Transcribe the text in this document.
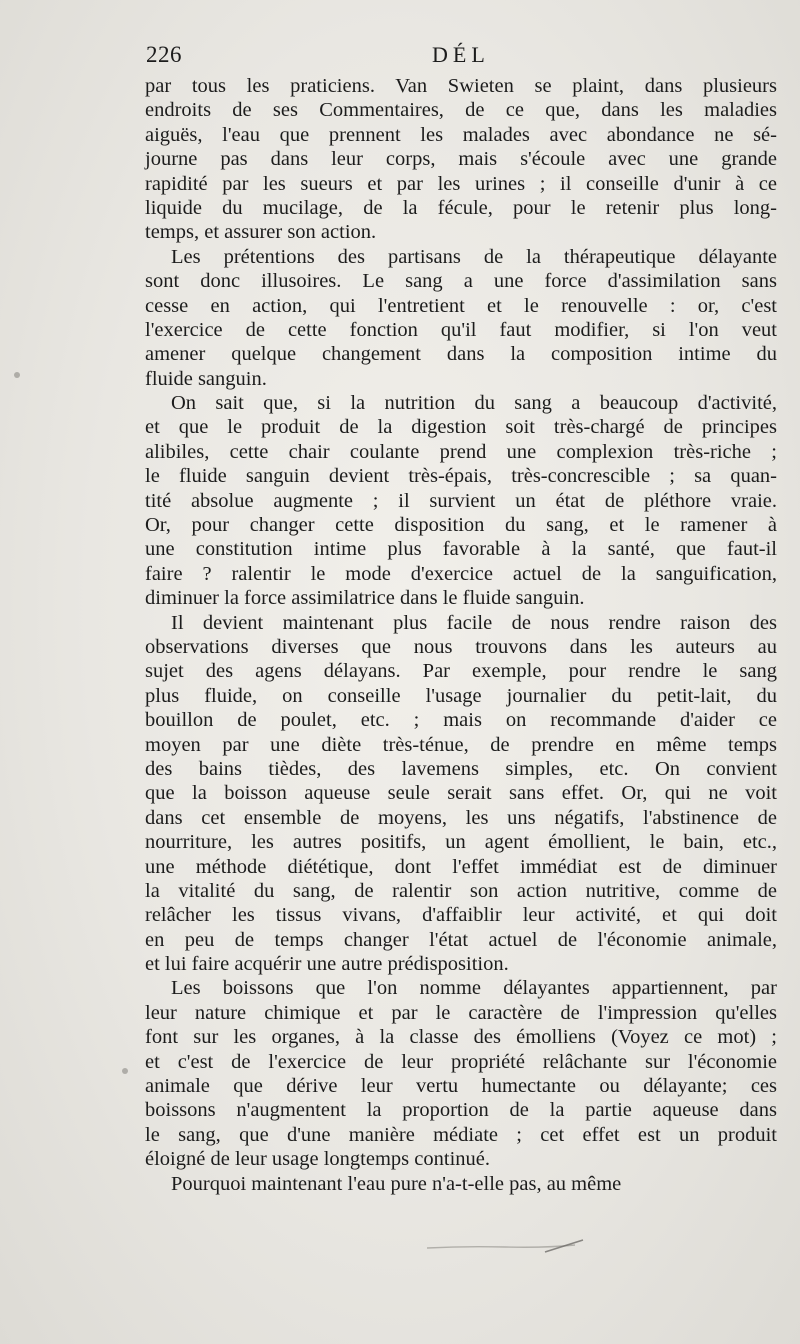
226	DÉL
par tous les praticiens. Van Swieten se plaint, dans plusieurs
endroits de ses Commentaires, de ce que, dans les maladies
aiguës, l'eau que prennent les malades avec abondance ne sé-
journe pas dans leur corps, mais s'écoule avec une grande
rapidité par les sueurs et par les urines ; il conseille d'unir à ce
liquide du mucilage, de la fécule, pour le retenir plus long-
temps, et assurer son action.
Les prétentions des partisans de la thérapeutique délayante
sont donc illusoires. Le sang a une force d'assimilation sans
cesse en action, qui l'entretient et le renouvelle : or, c'est
l'exercice de cette fonction qu'il faut modifier, si l'on veut
amener quelque changement dans la composition intime du
fluide sanguin.
On sait que, si la nutrition du sang a beaucoup d'activité,
et que le produit de la digestion soit très-chargé de principes
alibiles, cette chair coulante prend une complexion très-riche ;
le fluide sanguin devient très-épais, très-concrescible ; sa quan-
tité absolue augmente ; il survient un état de pléthore vraie.
Or, pour changer cette disposition du sang, et le ramener à
une constitution intime plus favorable à la santé, que faut-il
faire ? ralentir le mode d'exercice actuel de la sanguification,
diminuer la force assimilatrice dans le fluide sanguin.
Il devient maintenant plus facile de nous rendre raison des
observations diverses que nous trouvons dans les auteurs au
sujet des agens délayans. Par exemple, pour rendre le sang
plus fluide, on conseille l'usage journalier du petit-lait, du
bouillon de poulet, etc. ; mais on recommande d'aider ce
moyen par une diète très-ténue, de prendre en même temps
des bains tièdes, des lavemens simples, etc. On convient
que la boisson aqueuse seule serait sans effet. Or, qui ne voit
dans cet ensemble de moyens, les uns négatifs, l'abstinence de
nourriture, les autres positifs, un agent émollient, le bain, etc.,
une méthode diététique, dont l'effet immédiat est de diminuer
la vitalité du sang, de ralentir son action nutritive, comme de
relâcher les tissus vivans, d'affaiblir leur activité, et qui doit
en peu de temps changer l'état actuel de l'économie animale,
et lui faire acquérir une autre prédisposition.
Les boissons que l'on nomme délayantes appartiennent, par
leur nature chimique et par le caractère de l'impression qu'elles
font sur les organes, à la classe des émolliens (Voyez ce mot) ;
et c'est de l'exercice de leur propriété relâchante sur l'économie
animale que dérive leur vertu humectante ou délayante; ces
boissons n'augmentent la proportion de la partie aqueuse dans
le sang, que d'une manière médiate ; cet effet est un produit
éloigné de leur usage longtemps continué.
Pourquoi maintenant l'eau pure n'a-t-elle pas, au même
